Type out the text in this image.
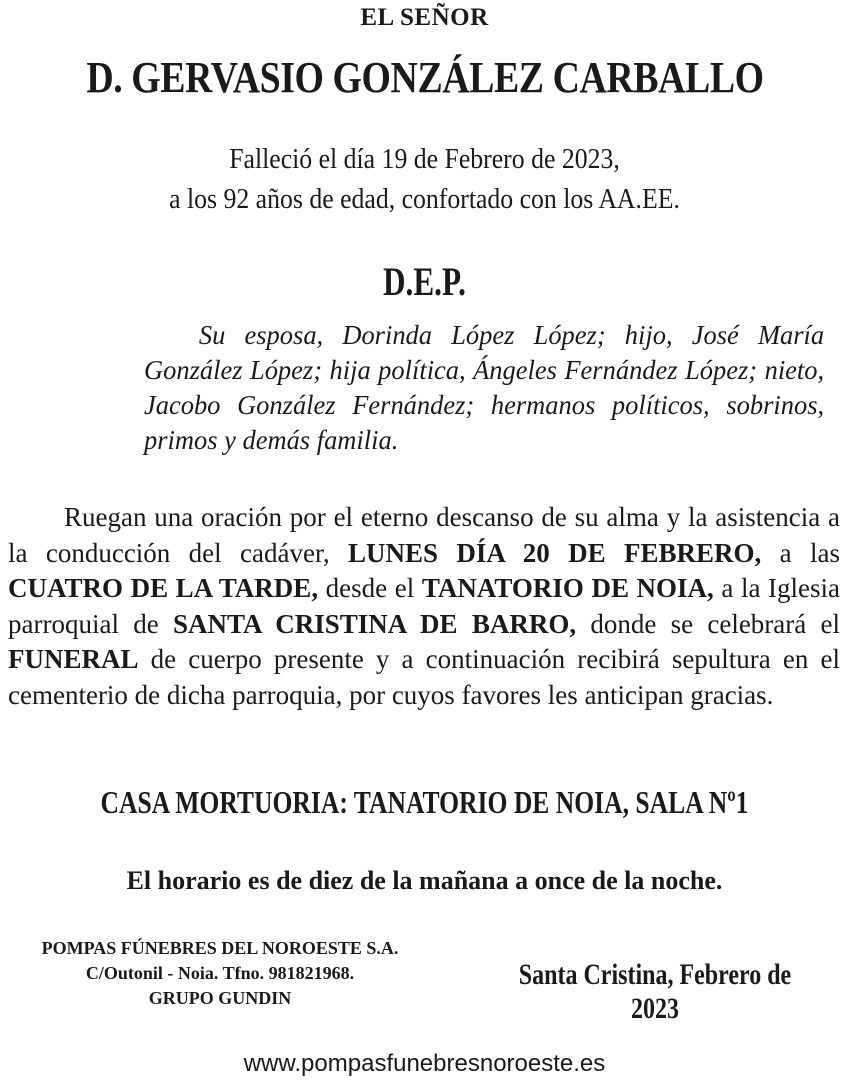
EL SEÑOR
D. GERVASIO GONZÁLEZ CARBALLO
Falleció el día 19 de Febrero de 2023,
a los 92 años de edad, confortado con los AA.EE.
D.E.P.
Su esposa, Dorinda López López; hijo, José María González López; hija política, Ángeles Fernández López; nieto, Jacobo González Fernández; hermanos políticos, sobrinos, primos y demás familia.
Ruegan una oración por el eterno descanso de su alma y la asistencia a la conducción del cadáver, LUNES DÍA 20 DE FEBRERO, a las CUATRO DE LA TARDE, desde el TANATORIO DE NOIA, a la Iglesia parroquial de SANTA CRISTINA DE BARRO, donde se celebrará el FUNERAL de cuerpo presente y a continuación recibirá sepultura en el cementerio de dicha parroquia, por cuyos favores les anticipan gracias.
CASA MORTUORIA: TANATORIO DE NOIA, SALA Nº1
El horario es de diez de la mañana a once de la noche.
POMPAS FÚNEBRES DEL NOROESTE S.A.
C/Outonil - Noia. Tfno. 981821968.
GRUPO GUNDIN
Santa Cristina, Febrero de 2023
www.pompasfunebresnoroeste.es
